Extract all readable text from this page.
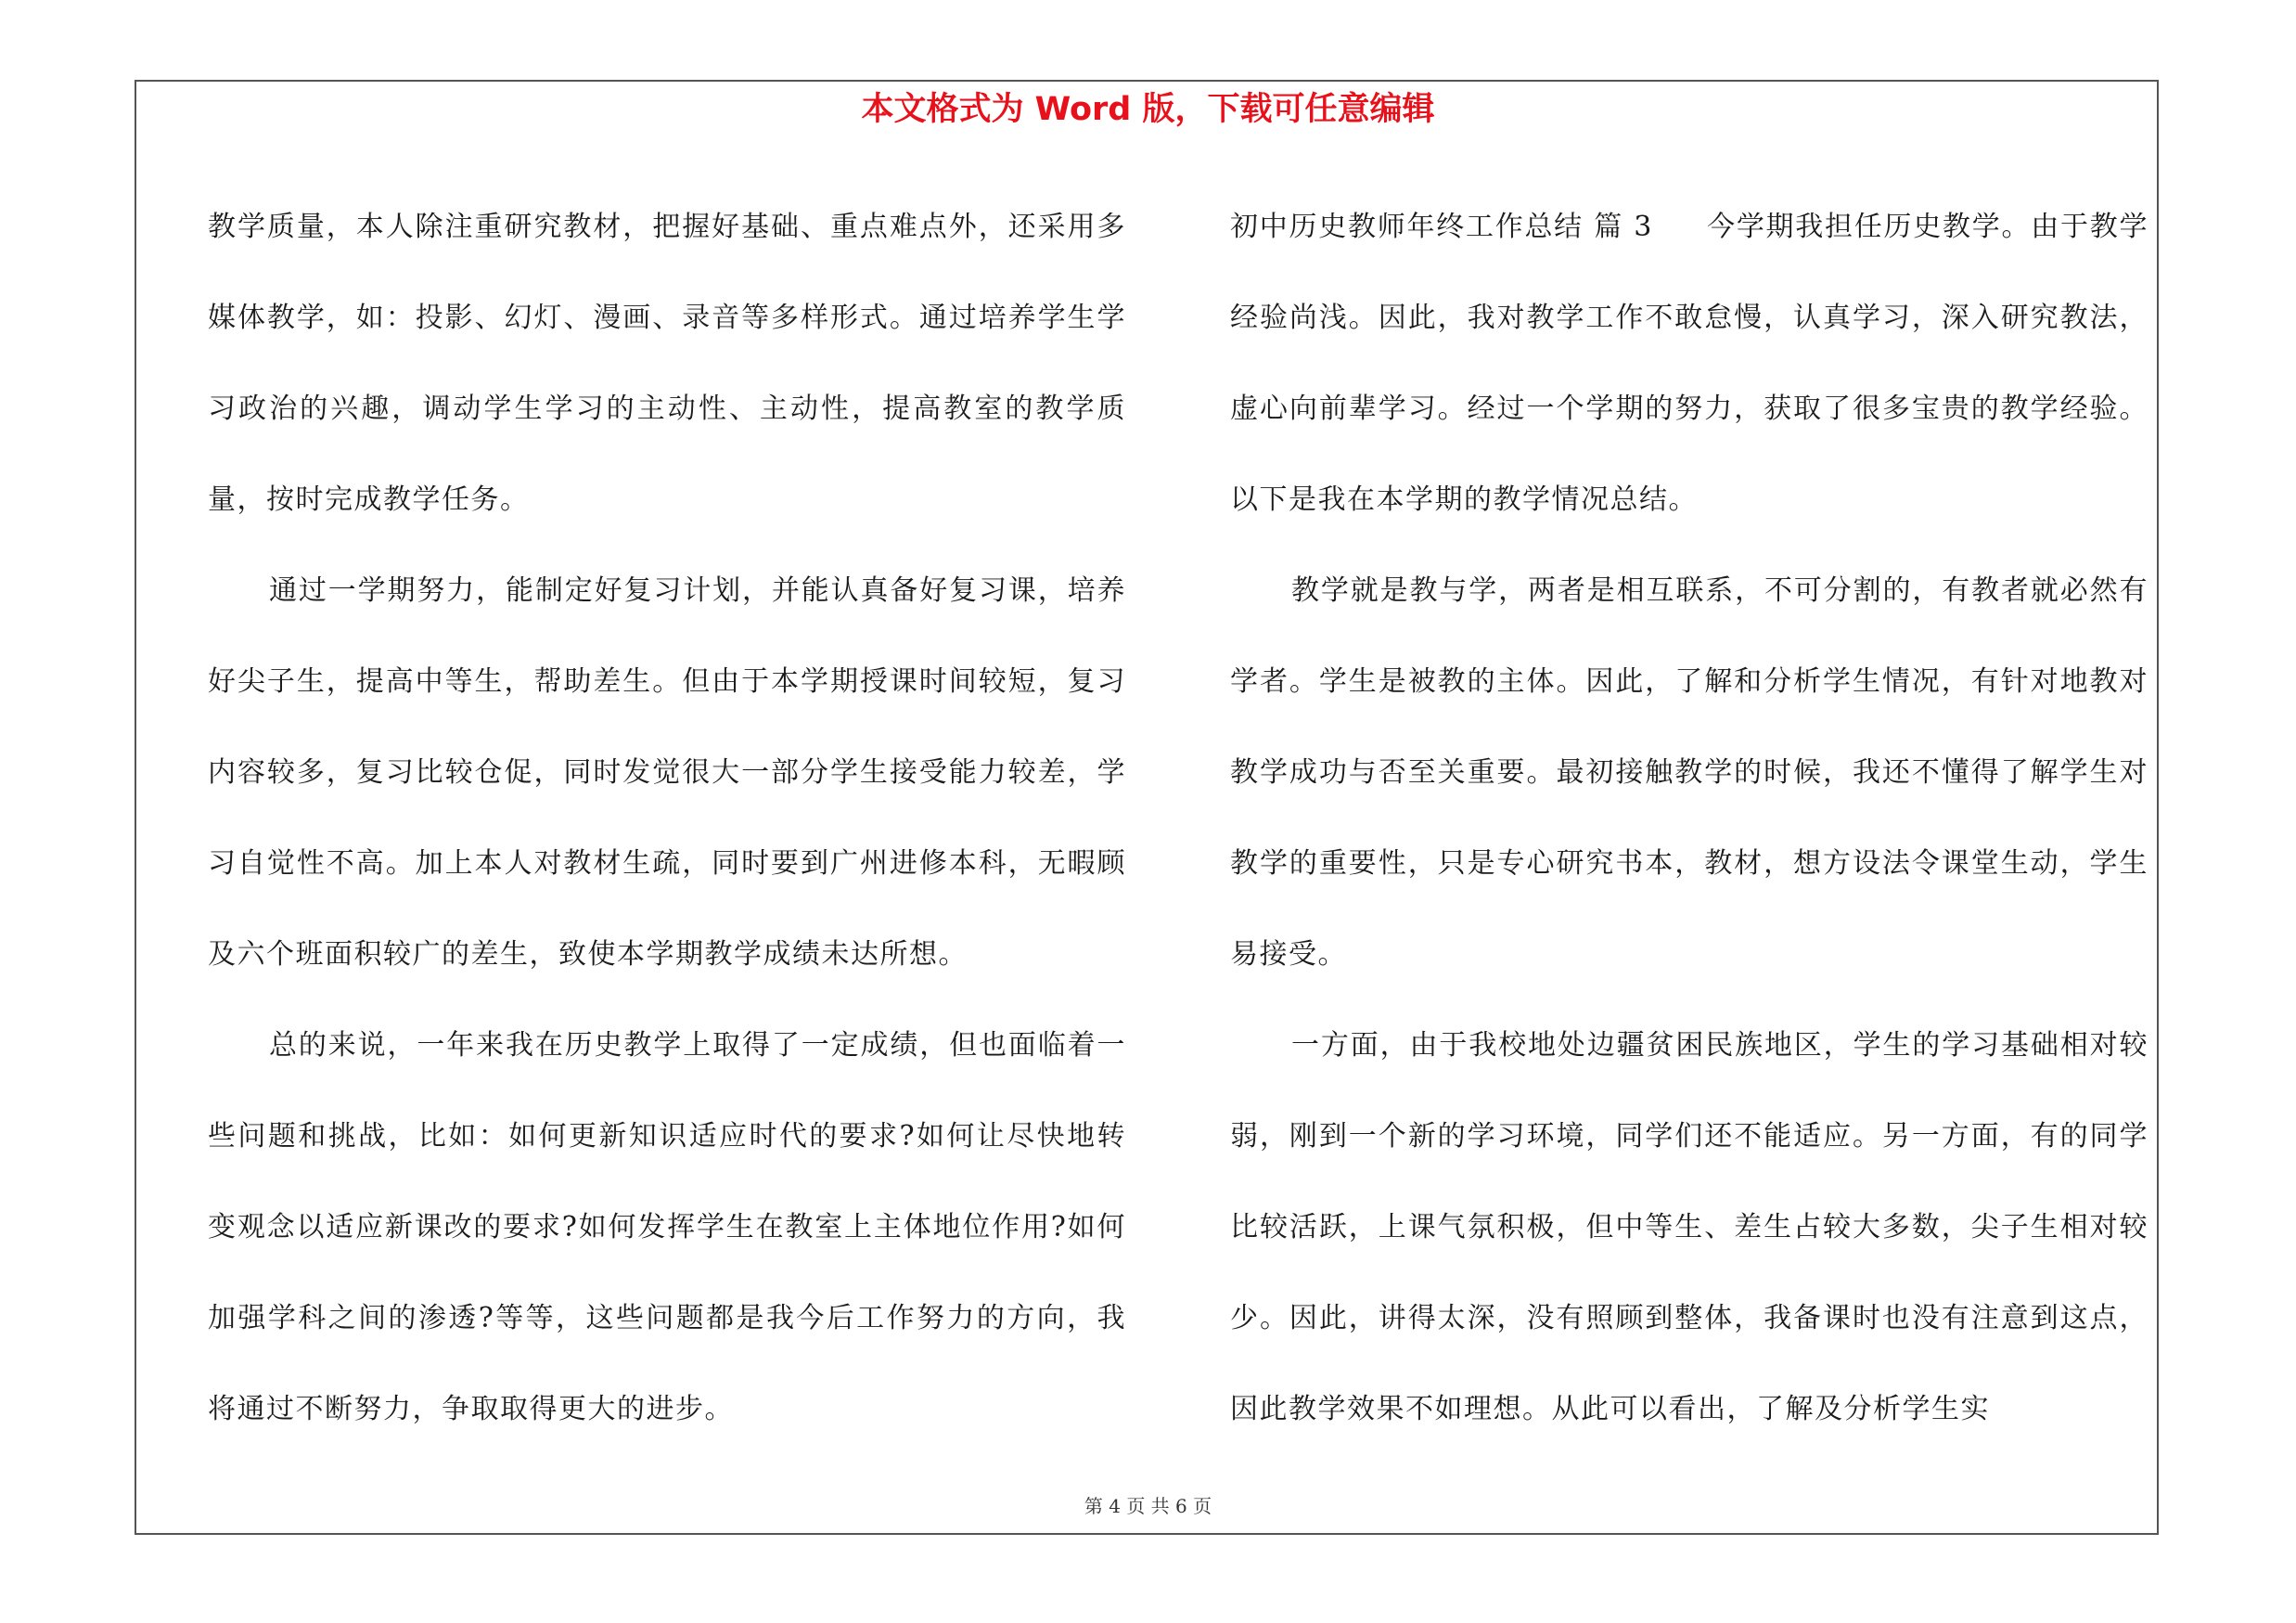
本文格式为 Word 版，下载可任意编辑

教学质量，本人除注重研究教材，把握好基础、重点难点外，还采用多媒体教学，如：投影、幻灯、漫画、录音等多样形式。通过培养学生学习政治的兴趣，调动学生学习的主动性、主动性，提高教室的教学质量，按时完成教学任务。

通过一学期努力，能制定好复习计划，并能认真备好复习课，培养好尖子生，提高中等生，帮助差生。但由于本学期授课时间较短，复习内容较多，复习比较仓促，同时发觉很大一部分学生接受能力较差，学习自觉性不高。加上本人对教材生疏，同时要到广州进修本科，无暇顾及六个班面积较广的差生，致使本学期教学成绩未达所想。

总的来说，一年来我在历史教学上取得了一定成绩，但也面临着一些问题和挑战，比如：如何更新知识适应时代的要求?如何让尽快地转变观念以适应新课改的要求?如何发挥学生在教室上主体地位作用?如何加强学科之间的渗透?等等，这些问题都是我今后工作努力的方向，我将通过不断努力，争取取得更大的进步。

初中历史教师年终工作总结 篇 3 今学期我担任历史教学。由于教学经验尚浅。因此，我对教学工作不敢怠慢，认真学习，深入研究教法，虚心向前辈学习。经过一个学期的努力，获取了很多宝贵的教学经验。以下是我在本学期的教学情况总结。

教学就是教与学，两者是相互联系，不可分割的，有教者就必然有学者。学生是被教的主体。因此，了解和分析学生情况，有针对地教对教学成功与否至关重要。最初接触教学的时候，我还不懂得了解学生对教学的重要性，只是专心研究书本，教材，想方设法令课堂生动，学生易接受。

一方面，由于我校地处边疆贫困民族地区，学生的学习基础相对较弱，刚到一个新的学习环境，同学们还不能适应。另一方面，有的同学比较活跃，上课气氛积极，但中等生、差生占较大多数，尖子生相对较少。因此，讲得太深，没有照顾到整体，我备课时也没有注意到这点，因此教学效果不如理想。从此可以看出，了解及分析学生实

第 4 页 共 6 页
